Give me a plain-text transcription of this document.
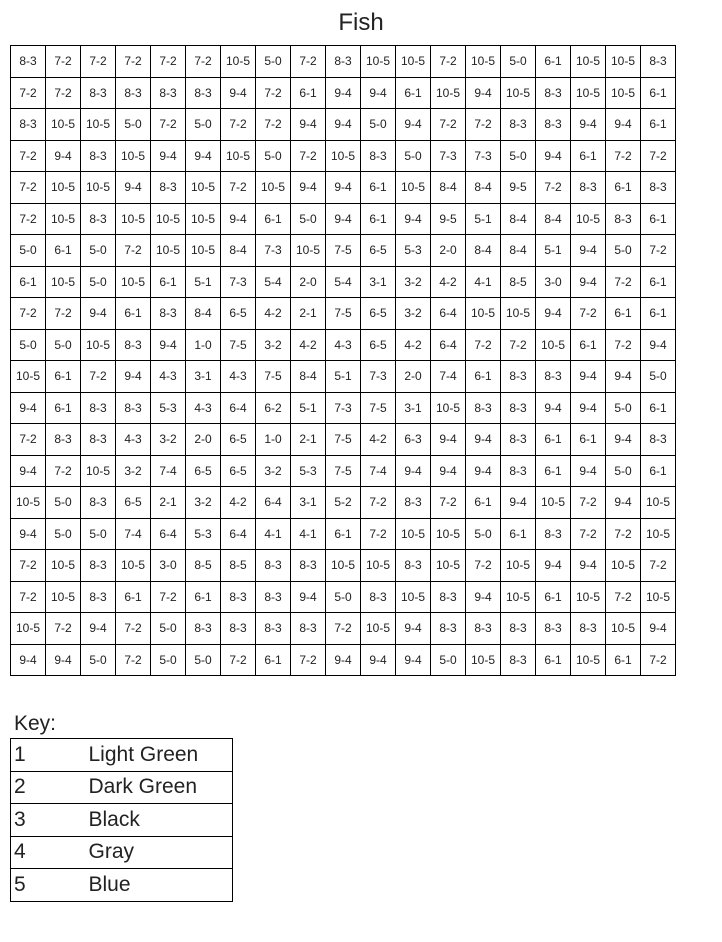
Fish
8-3	7-2	7-2	7-2	7-2	7-2	10-5	5-0	7-2	8-3	10-5	10-5	7-2	10-5	5-0	6-1	10-5	10-5	8-3
7-2	7-2	8-3	8-3	8-3	8-3	9-4	7-2	6-1	9-4	9-4	6-1	10-5	9-4	10-5	8-3	10-5	10-5	6-1
8-3	10-5	10-5	5-0	7-2	5-0	7-2	7-2	9-4	9-4	5-0	9-4	7-2	7-2	8-3	8-3	9-4	9-4	6-1
7-2	9-4	8-3	10-5	9-4	9-4	10-5	5-0	7-2	10-5	8-3	5-0	7-3	7-3	5-0	9-4	6-1	7-2	7-2
7-2	10-5	10-5	9-4	8-3	10-5	7-2	10-5	9-4	9-4	6-1	10-5	8-4	8-4	9-5	7-2	8-3	6-1	8-3
7-2	10-5	8-3	10-5	10-5	10-5	9-4	6-1	5-0	9-4	6-1	9-4	9-5	5-1	8-4	8-4	10-5	8-3	6-1
5-0	6-1	5-0	7-2	10-5	10-5	8-4	7-3	10-5	7-5	6-5	5-3	2-0	8-4	8-4	5-1	9-4	5-0	7-2
6-1	10-5	5-0	10-5	6-1	5-1	7-3	5-4	2-0	5-4	3-1	3-2	4-2	4-1	8-5	3-0	9-4	7-2	6-1
7-2	7-2	9-4	6-1	8-3	8-4	6-5	4-2	2-1	7-5	6-5	3-2	6-4	10-5	10-5	9-4	7-2	6-1	6-1
5-0	5-0	10-5	8-3	9-4	1-0	7-5	3-2	4-2	4-3	6-5	4-2	6-4	7-2	7-2	10-5	6-1	7-2	9-4
10-5	6-1	7-2	9-4	4-3	3-1	4-3	7-5	8-4	5-1	7-3	2-0	7-4	6-1	8-3	8-3	9-4	9-4	5-0
9-4	6-1	8-3	8-3	5-3	4-3	6-4	6-2	5-1	7-3	7-5	3-1	10-5	8-3	8-3	9-4	9-4	5-0	6-1
7-2	8-3	8-3	4-3	3-2	2-0	6-5	1-0	2-1	7-5	4-2	6-3	9-4	9-4	8-3	6-1	6-1	9-4	8-3
9-4	7-2	10-5	3-2	7-4	6-5	6-5	3-2	5-3	7-5	7-4	9-4	9-4	9-4	8-3	6-1	9-4	5-0	6-1
10-5	5-0	8-3	6-5	2-1	3-2	4-2	6-4	3-1	5-2	7-2	8-3	7-2	6-1	9-4	10-5	7-2	9-4	10-5
9-4	5-0	5-0	7-4	6-4	5-3	6-4	4-1	4-1	6-1	7-2	10-5	10-5	5-0	6-1	8-3	7-2	7-2	10-5
7-2	10-5	8-3	10-5	3-0	8-5	8-5	8-3	8-3	10-5	10-5	8-3	10-5	7-2	10-5	9-4	9-4	10-5	7-2
7-2	10-5	8-3	6-1	7-2	6-1	8-3	8-3	9-4	5-0	8-3	10-5	8-3	9-4	10-5	6-1	10-5	7-2	10-5
10-5	7-2	9-4	7-2	5-0	8-3	8-3	8-3	8-3	7-2	10-5	9-4	8-3	8-3	8-3	8-3	8-3	10-5	9-4
9-4	9-4	5-0	7-2	5-0	5-0	7-2	6-1	7-2	9-4	9-4	9-4	5-0	10-5	8-3	6-1	10-5	6-1	7-2
Key:
1	Light Green
2	Dark Green
3	Black
4	Gray
5	Blue
